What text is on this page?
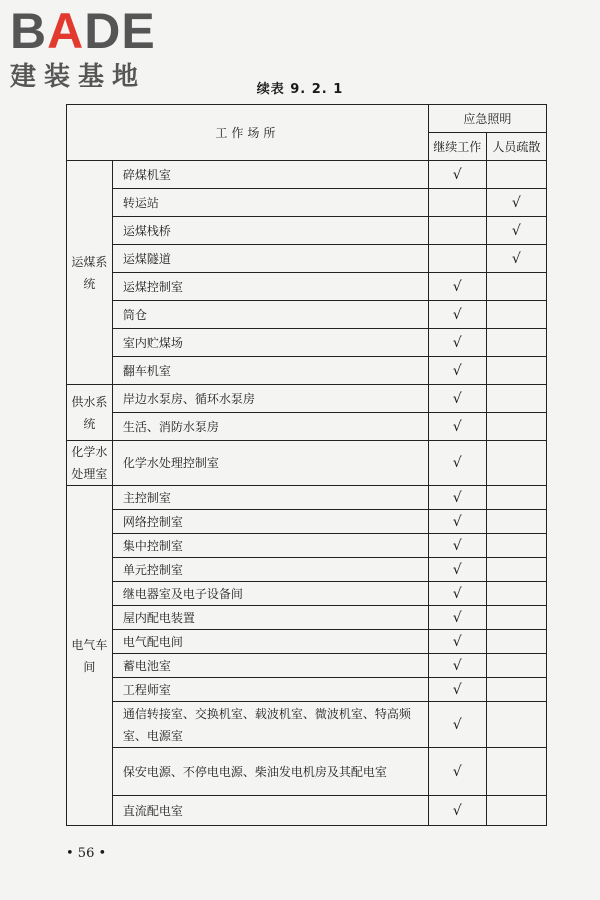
BADE
建装基地	续表 9. 2. 1
工作场所		应急照明	
		继续工作	人员疏散
运煤系统	碎煤机室	√	
	转运站		√
	运煤栈桥		√
	运煤隧道		√
	运煤控制室	√	
	筒仓	√	
	室内贮煤场	√	
	翻车机室	√	
供水系统	岸边水泵房、循环水泵房	√	
	生活、消防水泵房	√	
化学水处理室	化学水处理控制室	√	
电气车间	主控制室	√	
	网络控制室	√	
	集中控制室	√	
	单元控制室	√	
	继电器室及电子设备间	√	
	屋内配电装置	√	
	电气配电间	√	
	蓄电池室	√	
	工程师室	√	
	通信转接室、交换机室、载波机室、微波机室、特高频室、电源室	√	
	保安电源、不停电电源、柴油发电机房及其配电室	√	
	直流配电室	√	
• 56 •
